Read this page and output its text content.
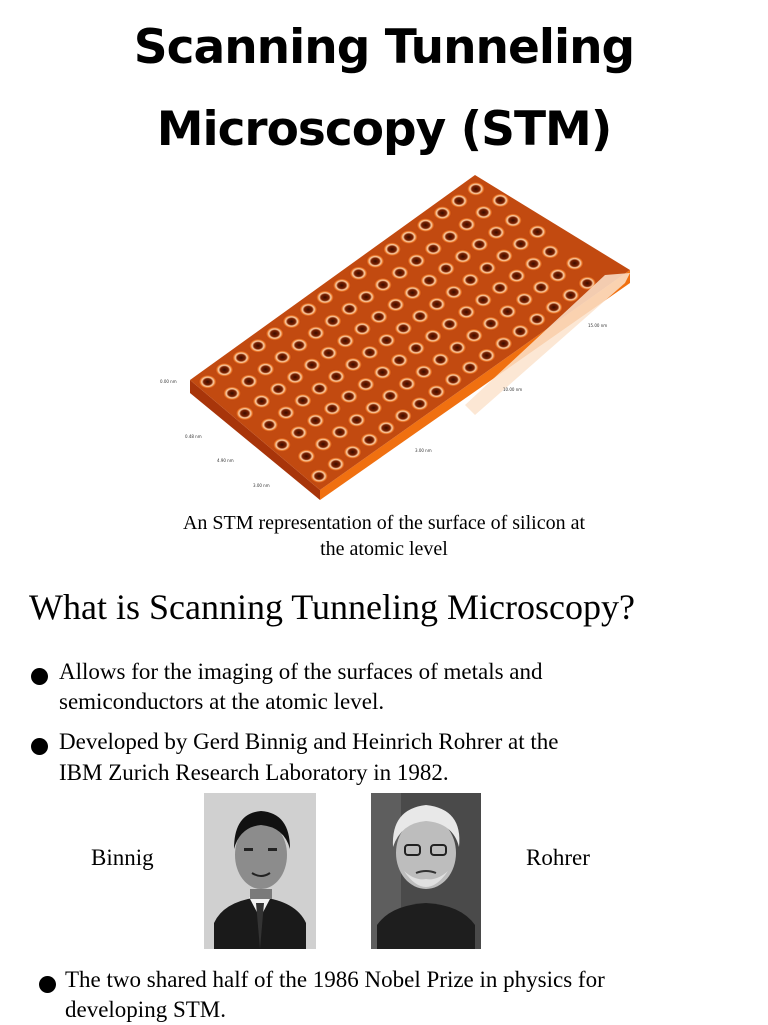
Scanning Tunneling
Microscopy (STM)
0.00 nm
0.48 nm
4.90 nm
3.00 nm
3.00 nm
10.00 nm
15.00 nm
An STM representation of the surface of silicon at
the atomic level
What is Scanning Tunneling Microscopy?
Allows for the imaging of the surfaces of metals and
semiconductors at the atomic level.
Developed by Gerd Binnig and Heinrich Rohrer at the
IBM Zurich Research Laboratory in 1982.
Binnig	Rohrer
The two shared half of the 1986 Nobel Prize in physics for
developing STM.
